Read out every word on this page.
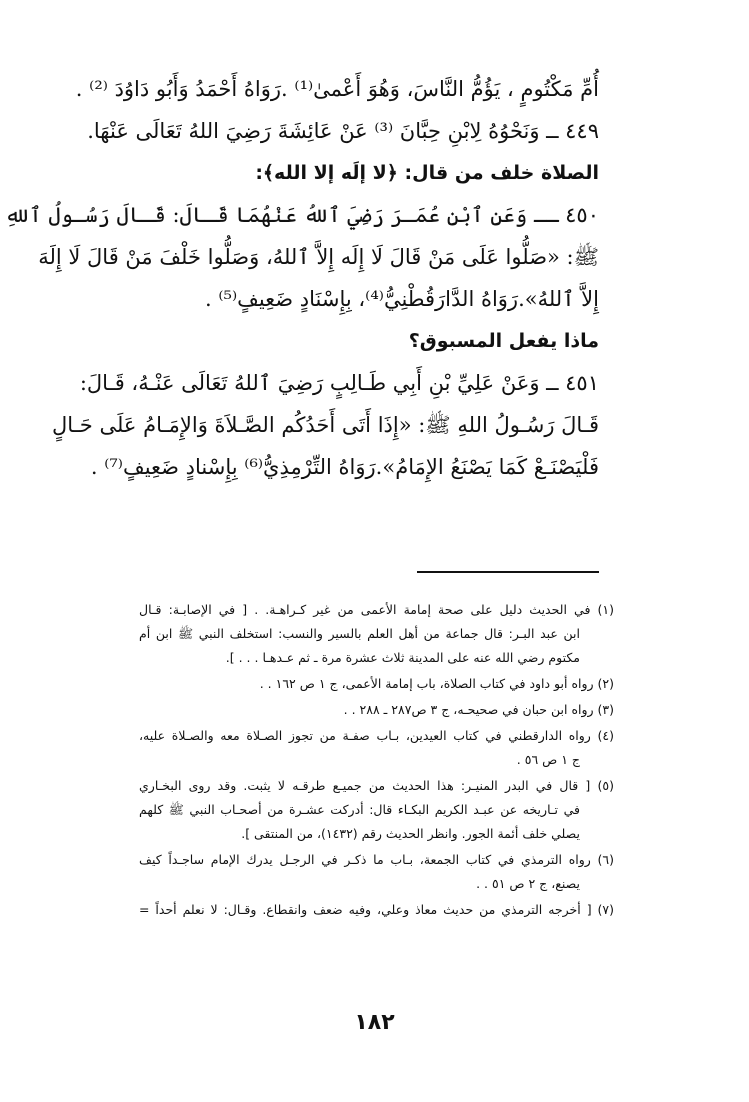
أُمِّ مَكْتُومٍ ، يَؤُمُّ النَّاسَ، وَهُوَ أَعْمىٰ⁽¹⁾ .رَوَاهُ أَحْمَدُ وَأَبُو دَاوُدَ ⁽²⁾ .
٤٤٩ ــ وَنَحْوُهُ لِابْنِ حِبَّانَ ⁽³⁾ عَنْ عَائِشَةَ رَضِيَ اللهُ تَعَالَى عَنْهَا.
الصلاة خلف من قال: ﴿لا إلَه إلا الله﴾:
٤٥٠ ــ وَعَنِ ٱبْنِ عُمَـرَ رَضِيَ ٱللهُ عَنْهُمَا قَـالَ: قَـالَ رَسُـولُ ٱللهِ
ﷺ: «صَلُّوا عَلَى مَنْ قَالَ لَا إِلَه إِلاَّ ٱللهُ، وَصَلُّوا خَلْفَ مَنْ قَالَ لَا إِلَهَ
إِلاَّ ٱللهُ».رَوَاهُ الدَّارَقُطْنِيُّ⁽⁴⁾، بِإِسْنَادٍ ضَعِيفٍ⁽⁵⁾ .
ماذا يفعل المسبوق؟
٤٥١ ــ وَعَنْ عَلِيِّ بْنِ أَبِي طَـالِبٍ رَضِيَ ٱللهُ تَعَالَى عَنْـهُ، قَـالَ:
قَـالَ رَسُـولُ اللهِ ﷺ: «إِذَا أَتَى أَحَدُكُم الصَّـلاَةَ وَالإِمَـامُ عَلَى حَـالٍ
فَلْيَصْنَـعْ كَمَا يَصْنَعُ الإِمَامُ».رَوَاهُ التِّرْمِذِيُّ⁽⁶⁾ بِإِسْنادٍ ضَعِيفٍ⁽⁷⁾ .
(١) في الحديث دليل على صحة إمامة الأعمى من غير كـراهـة. . [ في الإصابـة: قـال
ابن عبد البـر: قال جماعة من أهل العلم بالسير والنسب: استخلف النبي ﷺ ابن أم
مكتوم رضي الله عنه على المدينة ثلاث عشرة مرة ـ ثم عـدهـا . . . ].
(٢) رواه أبو داود في كتاب الصلاة، باب إمامة الأعمى، ج ١ ص ١٦٢ . .
(٣) رواه ابن حبان في صحيحـه، ج ٣ ص٢٨٧ ـ ٢٨٨ . .
(٤) رواه الدارقطني في كتاب العيدين، بـاب صفـة من تجوز الصـلاة معه والصـلاة عليه،
ج ١ ص ٥٦ .
(٥) [ قال في البدر المنيـر: هذا الحديث من جميـع طرقـه لا يثبت. وقد روى البخـاري
في تـاريخه عن عبـد الكريم البكـاء قال: أدركت عشـرة من أصحـاب النبي ﷺ كلهم
يصلي خلف أئمة الجور. وانظر الحديث رقم (١٤٣٢)، من المنتقى ].
(٦) رواه الترمذي في كتاب الجمعة، بـاب ما ذكـر في الرجـل يدرك الإمام ساجـداً كيف
يصنع، ج ٢ ص ٥١ . .
(٧) [ أخرجه الترمذي من حديث معاذ وعلي، وفيه ضعف وانقطاع. وقـال: لا نعلم أحداً =
١٨٢
